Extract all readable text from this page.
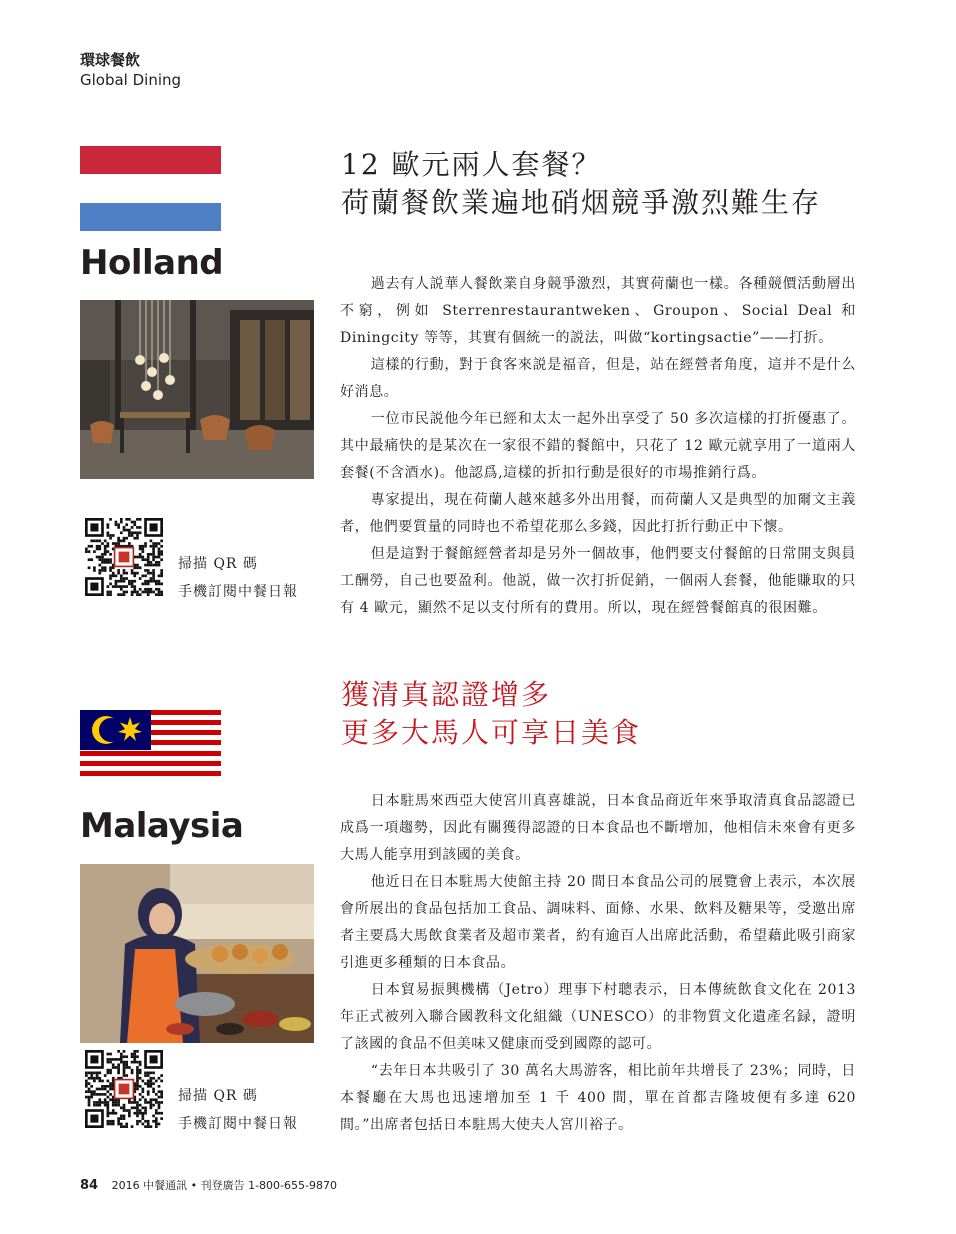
環球餐飲
Global Dining
Holland
掃描 QR 碼
手機訂閱中餐日報
12 歐元兩人套餐？
荷蘭餐飲業遍地硝烟競爭激烈難生存

過去有人説華人餐飲業自身競爭激烈，其實荷蘭也一樣。各種競價活動層出不窮，例如 Sterrenrestaurantweken、Groupon、Social Deal 和 Diningcity 等等，其實有個統一的説法，叫做“kortingsactie”——打折。

這樣的行動，對于食客來説是福音，但是，站在經營者角度，這并不是什么好消息。

一位市民説他今年已經和太太一起外出享受了 50 多次這樣的打折優惠了。其中最痛快的是某次在一家很不錯的餐館中，只花了 12 歐元就享用了一道兩人套餐(不含酒水)。他認爲,這樣的折扣行動是很好的市場推銷行爲。

專家提出，現在荷蘭人越來越多外出用餐，而荷蘭人又是典型的加爾文主義者，他們要質量的同時也不希望花那么多錢，因此打折行動正中下懷。

但是這對于餐館經營者却是另外一個故事，他們要支付餐館的日常開支與員工酬勞，自己也要盈利。他説，做一次打折促銷，一個兩人套餐，他能賺取的只有 4 歐元，顯然不足以支付所有的費用。所以，現在經營餐館真的很困難。

Malaysia
掃描 QR 碼
手機訂閱中餐日報
獲清真認證增多
更多大馬人可享日美食

日本駐馬來西亞大使宮川真喜雄説，日本食品商近年來爭取清真食品認證已成爲一項趨勢，因此有關獲得認證的日本食品也不斷增加，他相信未來會有更多大馬人能享用到該國的美食。

他近日在日本駐馬大使館主持 20 間日本食品公司的展覽會上表示，本次展會所展出的食品包括加工食品、調味料、面條、水果、飲料及糖果等，受邀出席者主要爲大馬飲食業者及超市業者，約有逾百人出席此活動，希望藉此吸引商家引進更多種類的日本食品。

日本貿易振興機構（Jetro）理事下村聰表示，日本傳統飲食文化在 2013 年正式被列入聯合國教科文化組織（UNESCO）的非物質文化遺產名録，證明了該國的食品不但美味又健康而受到國際的認可。

“去年日本共吸引了 30 萬名大馬游客，相比前年共增長了 23%；同時，日本餐廳在大馬也迅速增加至 1 千 400 間，單在首都吉隆坡便有多達 620 間。”出席者包括日本駐馬大使夫人宮川裕子。

84 2016 中餐通訊 • 刊登廣告 1-800-655-9870
